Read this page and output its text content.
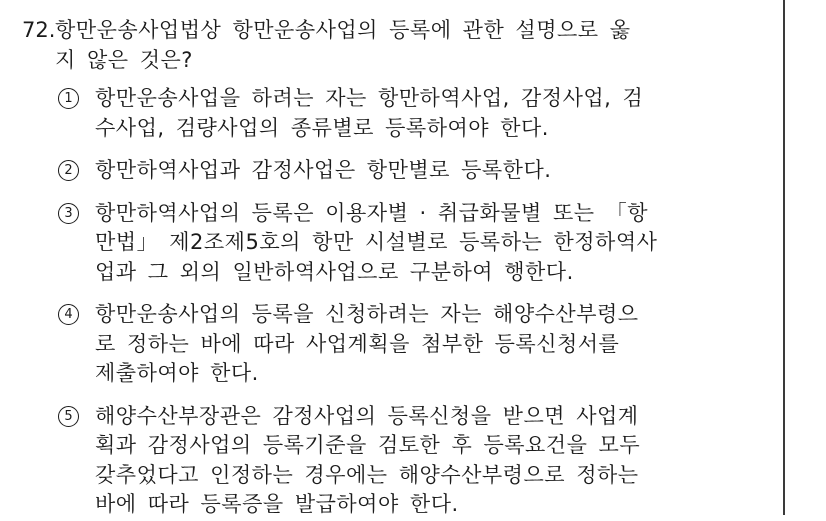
72. 항만운송사업법상 항만운송사업의 등록에 관한 설명으로 옳
지 않은 것은?
1	항만운송사업을 하려는 자는 항만하역사업, 감정사업, 검
수사업, 검량사업의 종류별로 등록하여야 한다.
2	항만하역사업과 감정사업은 항만별로 등록한다.
3	항만하역사업의 등록은 이용자별 · 취급화물별 또는 「항
만법」 제2조제5호의 항만 시설별로 등록하는 한정하역사
업과 그 외의 일반하역사업으로 구분하여 행한다.
4	항만운송사업의 등록을 신청하려는 자는 해양수산부령으
로 정하는 바에 따라 사업계획을 첨부한 등록신청서를
제출하여야 한다.
5	해양수산부장관은 감정사업의 등록신청을 받으면 사업계
획과 감정사업의 등록기준을 검토한 후 등록요건을 모두
갖추었다고 인정하는 경우에는 해양수산부령으로 정하는
바에 따라 등록증을 발급하여야 한다.
